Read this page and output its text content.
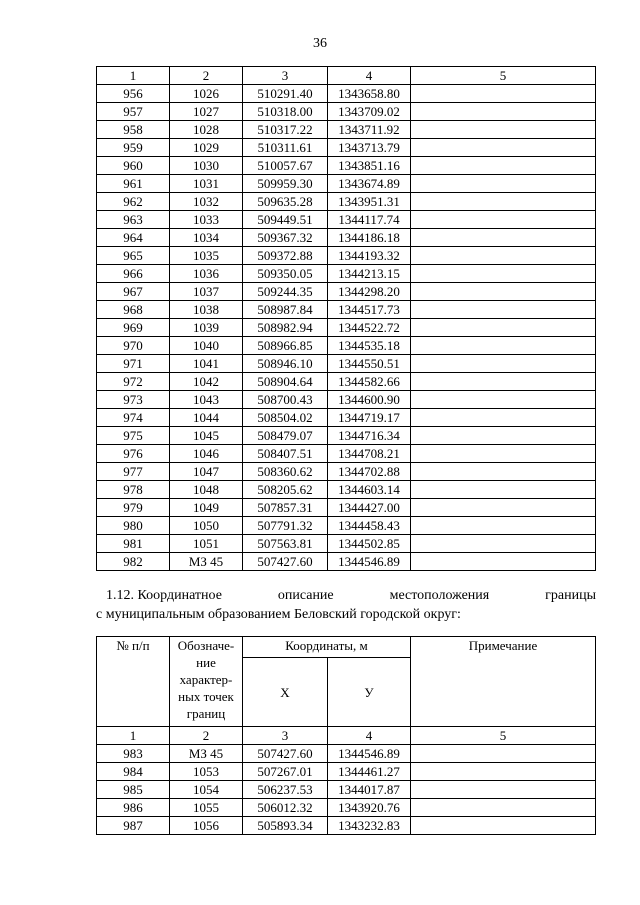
36
1	2	3	4	5
956	1026	510291.40	1343658.80	
957	1027	510318.00	1343709.02	
958	1028	510317.22	1343711.92	
959	1029	510311.61	1343713.79	
960	1030	510057.67	1343851.16	
961	1031	509959.30	1343674.89	
962	1032	509635.28	1343951.31	
963	1033	509449.51	1344117.74	
964	1034	509367.32	1344186.18	
965	1035	509372.88	1344193.32	
966	1036	509350.05	1344213.15	
967	1037	509244.35	1344298.20	
968	1038	508987.84	1344517.73	
969	1039	508982.94	1344522.72	
970	1040	508966.85	1344535.18	
971	1041	508946.10	1344550.51	
972	1042	508904.64	1344582.66	
973	1043	508700.43	1344600.90	
974	1044	508504.02	1344719.17	
975	1045	508479.07	1344716.34	
976	1046	508407.51	1344708.21	
977	1047	508360.62	1344702.88	
978	1048	508205.62	1344603.14	
979	1049	507857.31	1344427.00	
980	1050	507791.32	1344458.43	
981	1051	507563.81	1344502.85	
982	МЗ 45	507427.60	1344546.89	
1.12. Координатное	описание	местоположения	границы
с муниципальным образованием Беловский городской округ:
№ п/п	Обозначе-
ние
характер-
ных точек
границ	Координаты, м		Примечание
		Х	У	
1	2	3	4	5
983	МЗ 45	507427.60	1344546.89	
984	1053	507267.01	1344461.27	
985	1054	506237.53	1344017.87	
986	1055	506012.32	1343920.76	
987	1056	505893.34	1343232.83	
